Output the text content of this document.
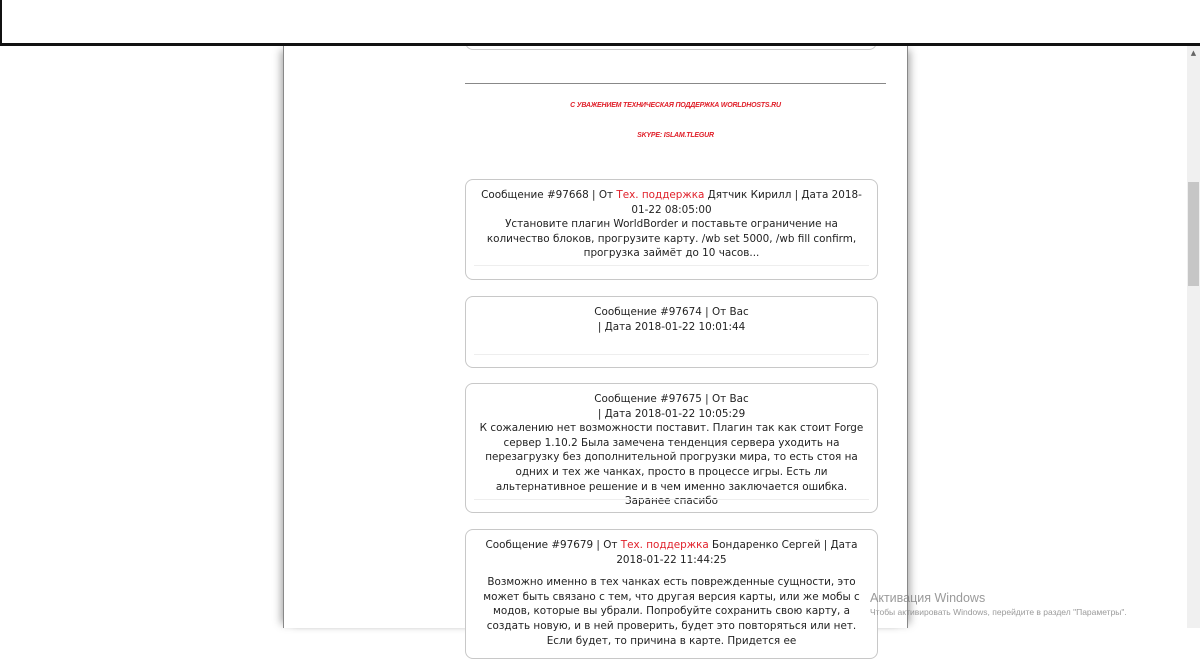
С УВАЖЕНИЕМ ТЕХНИЧЕСКАЯ ПОДДЕРЖКА WORLDHOSTS.RU
SKYPE: ISLAM.TLEGUR
Сообщение #97668 | От Тех. поддержка Дятчик Кирилл | Дата 2018-01-22 08:05:00
Установите плагин WorldBorder и поставьте ограничение на количество блоков, прогрузите карту. /wb set 5000, /wb fill confirm, прогрузка займёт до 10 часов...
Сообщение #97674 | От Вас
| Дата 2018-01-22 10:01:44
Сообщение #97675 | От Вас
| Дата 2018-01-22 10:05:29
К сожалению нет возможности поставит. Плагин так как стоит Forge сервер 1.10.2 Была замечена тенденция сервера уходить на перезагрузку без дополнительной прогрузки мира, то есть стоя на одних и тех же чанках, просто в процессе игры. Есть ли альтернативное решение и в чем именно заключается ошибка. Заранее спасибо
Сообщение #97679 | От Тех. поддержка Бондаренко Сергей | Дата 2018-01-22 11:44:25
Возможно именно в тех чанках есть поврежденные сущности, это может быть связано с тем, что другая версия карты, или же мобы с модов, которые вы убрали. Попробуйте сохранить свою карту, а создать новую, и в ней проверить, будет это повторяться или нет. Если будет, то причина в карте. Придется ее
▲
Активация Windows
Чтобы активировать Windows, перейдите в раздел "Параметры".
